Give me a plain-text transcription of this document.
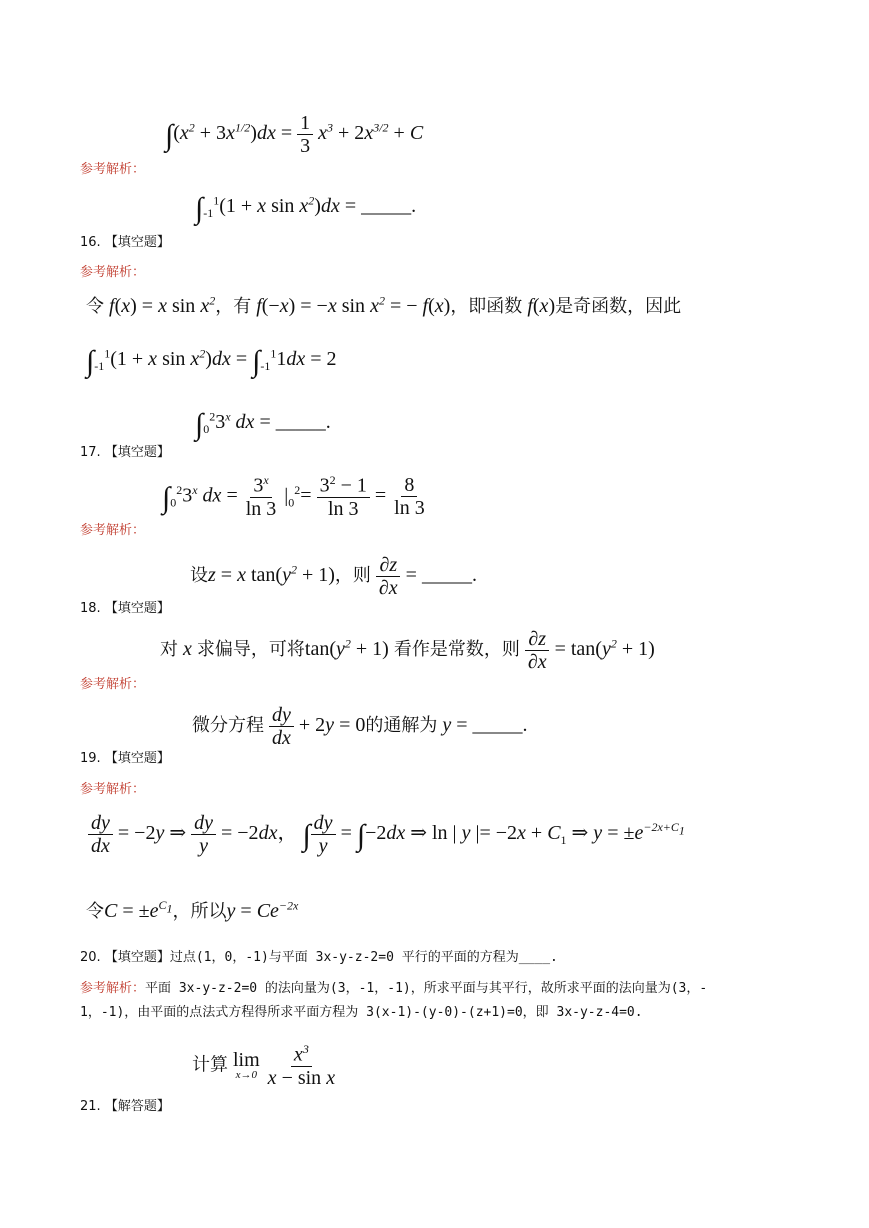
$\int(x^2 + 3x^{1/2})dx = \frac{1}{3} x^3 + 2x^{3/2} + C$
参考解析：
$\int_{-1}^1(1 + x$ $\sin x^2)dx$ = _____.
16. 【填空题】
参考解析：
令 f(x) = x $\sin x^2$，有 f(−x) = −x $\sin x^2$ = − f(x)，即函数 f(x)是奇函数，因此
$\int_{-1}^1(1 + x$ $\sin x^2)dx = \int_{-1}^11dx = 2$
$\int_0^23^x$ dx = _____.
17. 【填空题】
$\int_0^23^x$ dx = $\frac{3^x}{\ln 3} |_0^2= \frac{3^2 - 1}{\ln 3} = \frac{8}{\ln 3}$
参考解析：
设z = x $\tan(y^2 + 1)$，则 $\frac{\partial z}{\partial x}$ = _____.
18. 【填空题】
对 x 求偏导，可将$\tan(y^2 + 1)$ 看作是常数，则 $\frac{\partial z}{\partial x} = \tan(y^2 + 1)$
参考解析：
微分方程 $\frac{dy}{dx} + 2y = 0$的通解为 y = _____.
19. 【填空题】
参考解析：
$\frac{dy}{dx} = -2y$ ⇒ $\frac{dy}{y} = -2dx$， ∫ $\frac{dy}{y} = \int-2dx$ ⇒ ln | y |= $-2x + C_1$ ⇒ $y = \pm e^{-2x+C_1}$
令$C = \pm e^{C_1}$，所以$y = Ce^{-2x}$
20. 【填空题】过点(1，0，-1)与平面 3x-y-z-2=0 平行的平面的方程为____.
参考解析：平面 3x-y-z-2=0 的法向量为(3，-1，-1)，所求平面与其平行，故所求平面的法向量为(3，-
1，-1)，由平面的点法式方程得所求平面方程为 3(x-1)-(y-0)-(z+1)=0，即 3x-y-z-4=0.
计算 lim
x→0
$\frac{x^3}{\text{x − sin x}}$
21. 【解答题】
